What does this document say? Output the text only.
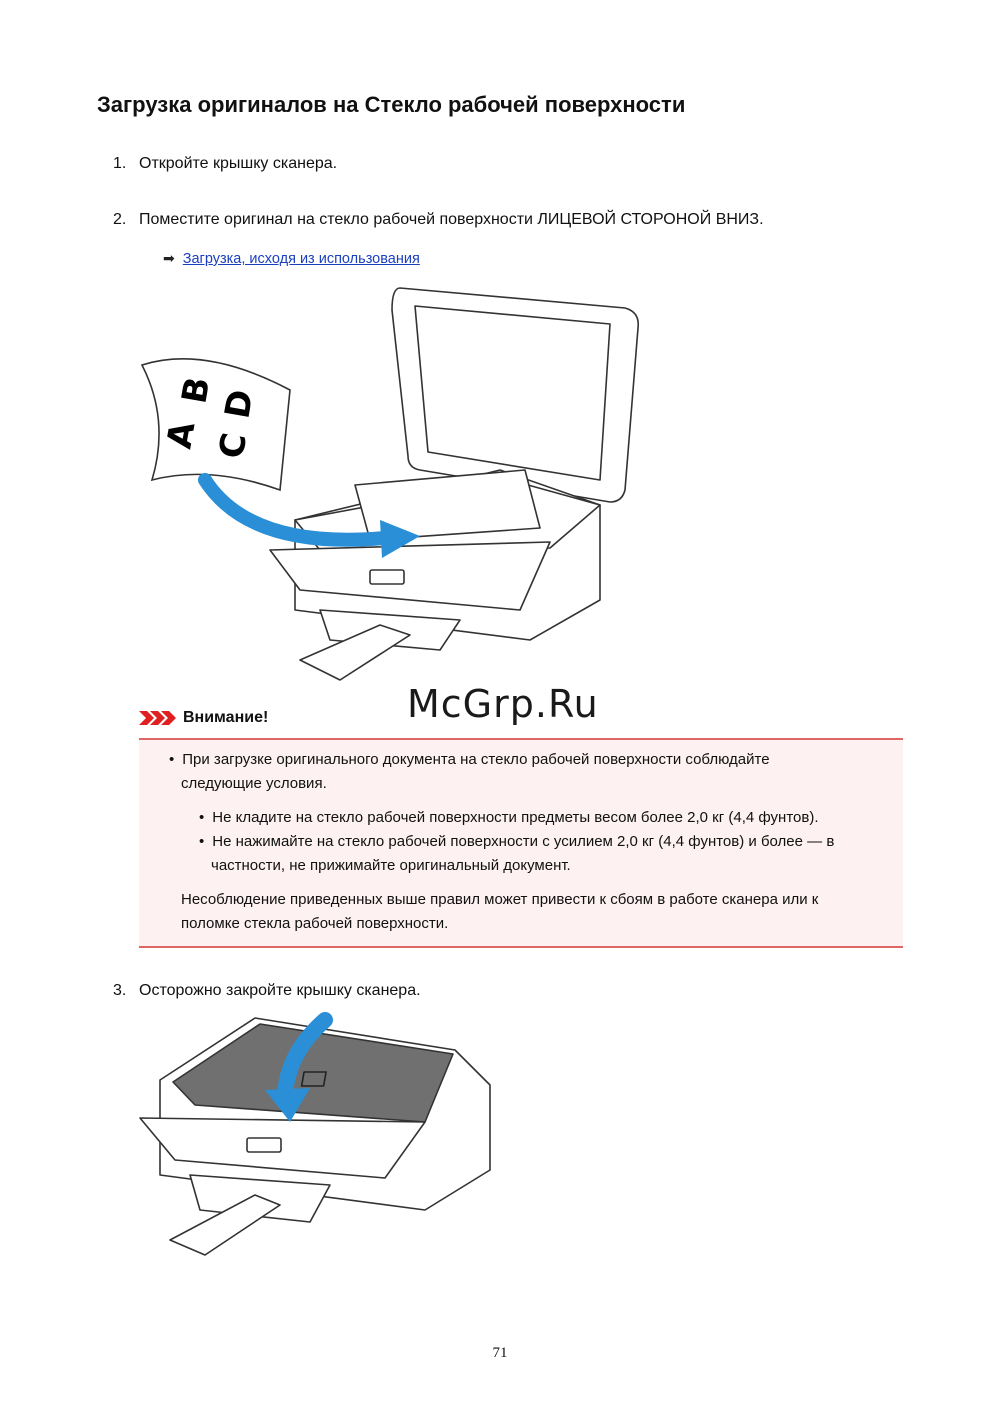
Загрузка оригиналов на Стекло рабочей поверхности
1. Откройте крышку сканера.
2. Поместите оригинал на стекло рабочей поверхности ЛИЦЕВОЙ СТОРОНОЙ ВНИЗ.
➡ Загрузка, исходя из использования
A
B
C
D
McGrp.Ru
Внимание!
• При загрузке оригинального документа на стекло рабочей поверхности соблюдайте
следующие условия.
• Не кладите на стекло рабочей поверхности предметы весом более 2,0 кг (4,4 фунтов).
• Не нажимайте на стекло рабочей поверхности с усилием 2,0 кг (4,4 фунтов) и более — в
частности, не прижимайте оригинальный документ.
Несоблюдение приведенных выше правил может привести к сбоям в работе сканера или к
поломке стекла рабочей поверхности.
3. Осторожно закройте крышку сканера.
71
